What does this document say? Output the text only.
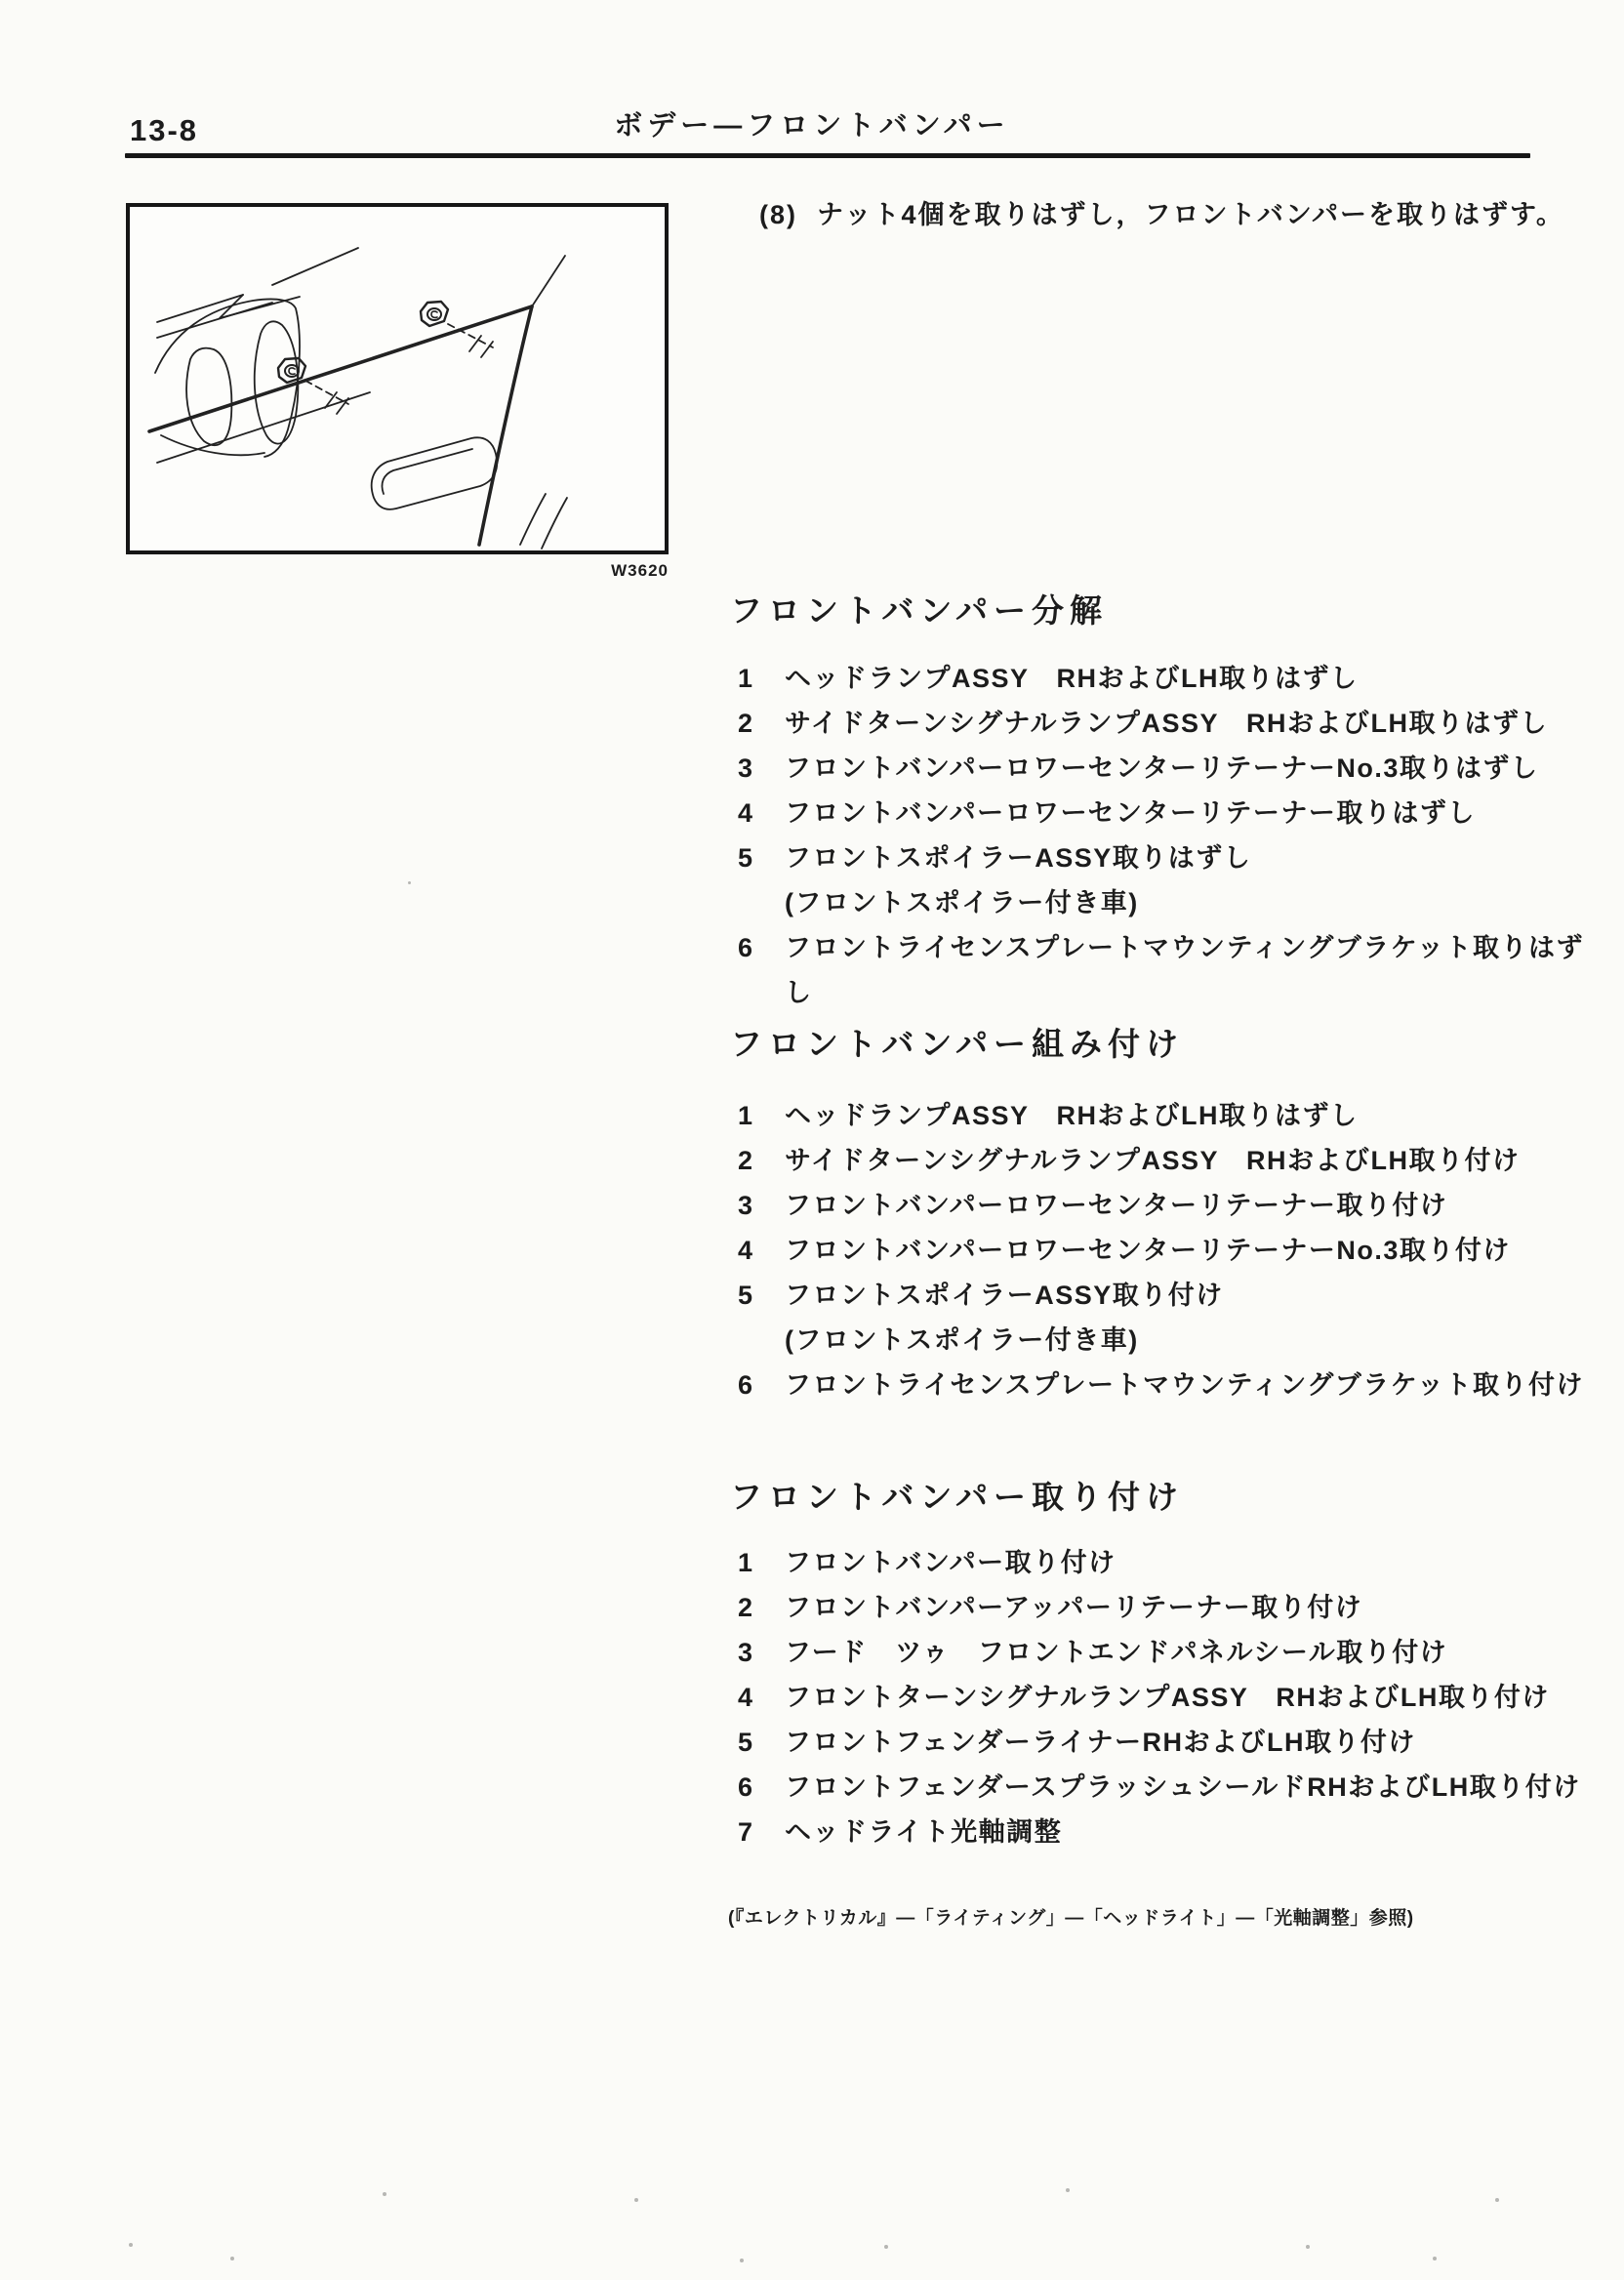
13-8	ボデー―フロントバンパー
W3620
(8) ナット4個を取りはずし，フロントバンパーを取りはずす。
フロントバンパー分解
1 ヘッドランプASSY　RHおよびLH取りはずし
2 サイドターンシグナルランプASSY　RHおよびLH取りはずし
3 フロントバンパーロワーセンターリテーナーNo.3取りはずし
4 フロントバンパーロワーセンターリテーナー取りはずし
5 フロントスポイラーASSY取りはずし
(フロントスポイラー付き車)
6 フロントライセンスプレートマウンティングブラケット取りはずし
フロントバンパー組み付け
1 ヘッドランプASSY　RHおよびLH取りはずし
2 サイドターンシグナルランプASSY　RHおよびLH取り付け
3 フロントバンパーロワーセンターリテーナー取り付け
4 フロントバンパーロワーセンターリテーナーNo.3取り付け
5 フロントスポイラーASSY取り付け
(フロントスポイラー付き車)
6 フロントライセンスプレートマウンティングブラケット取り付け
フロントバンパー取り付け
1 フロントバンパー取り付け
2 フロントバンパーアッパーリテーナー取り付け
3 フード　ツゥ　フロントエンドパネルシール取り付け
4 フロントターンシグナルランプASSY　RHおよびLH取り付け
5 フロントフェンダーライナーRHおよびLH取り付け
6 フロントフェンダースプラッシュシールドRHおよびLH取り付け
7 ヘッドライト光軸調整
(『エレクトリカル』―「ライティング」―「ヘッドライト」―「光軸調整」参照)
